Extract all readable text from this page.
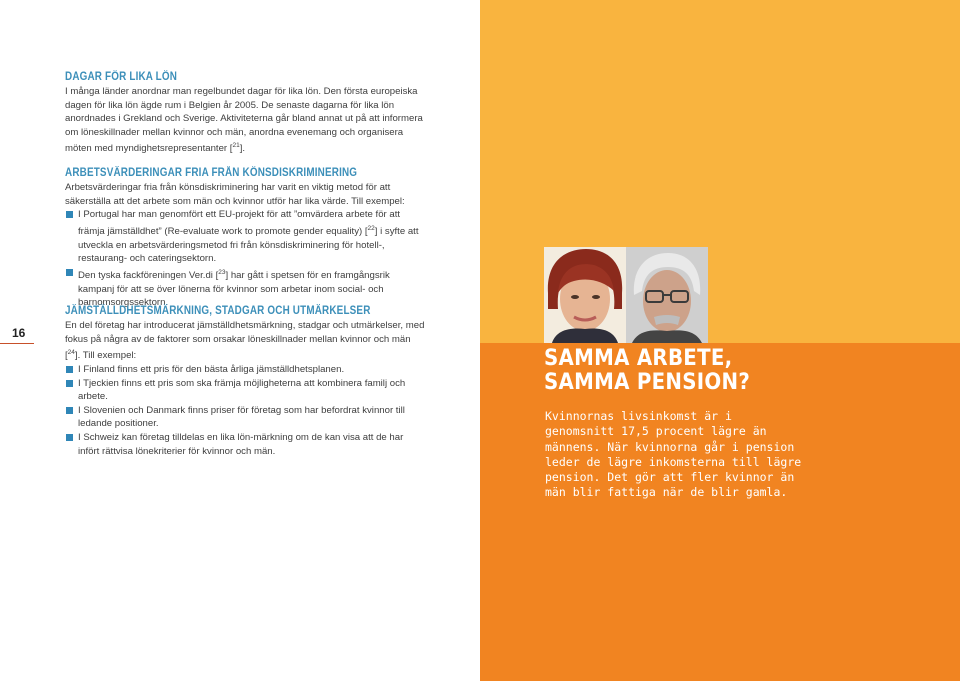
DAGAR FÖR LIKA LÖN

I många länder anordnar man regelbundet dagar för lika lön. Den första europeiska dagen för lika lön ägde rum i Belgien år 2005. De senaste dagarna för lika lön anordnades i Grekland och Sverige. Aktiviteterna går bland annat ut på att informera om löneskillnader mellan kvinnor och män, anordna evenemang och organisera möten med myndighetsrepresentanter [$^{21}$].

ARBETSVÄRDERINGAR FRIA FRÅN KÖNSDISKRIMINERING

Arbetsvärderingar fria från könsdiskriminering har varit en viktig metod för att säkerställa att det arbete som män och kvinnor utför har lika värde. Till exempel:

I Portugal har man genomfört ett EU-projekt för att ”omvärdera arbete för att främja jämställdhet” (Re-evaluate work to promote gender equality) [$^{22}$] i syfte att utveckla en arbetsvärderingsmetod fri från könsdiskriminering för hotell-, restaurang- och cateringsektorn.
Den tyska fackföreningen Ver.di [$^{23}$] har gått i spetsen för en framgångsrik kampanj för att se över lönerna för kvinnor som arbetar inom social- och barnomsorgssektorn.
JÄMSTÄLLDHETSMÄRKNING, STADGAR OCH UTMÄRKELSER

En del företag har introducerat jämställdhetsmärkning, stadgar och utmärkelser, med fokus på några av de faktorer som orsakar löneskillnader mellan kvinnor och män [$^{24}$]. Till exempel:

I Finland finns ett pris för den bästa årliga jämställdhetsplanen.
I Tjeckien finns ett pris som ska främja möjligheterna att kombinera familj och arbete.
I Slovenien och Danmark finns priser för företag som har befordrat kvinnor till ledande positioner.
I Schweiz kan företag tilldelas en lika lön-märkning om de kan visa att de har infört rättvisa lönekriterier för kvinnor och män.
16
SAMMA ARBETE,
SAMMA PENSION?

Kvinnornas livsinkomst är i genomsnitt 17,5 procent lägre än männens. När kvinnorna går i pension leder de lägre inkomsterna till lägre pension. Det gör att fler kvinnor än män blir fattiga när de blir gamla.
